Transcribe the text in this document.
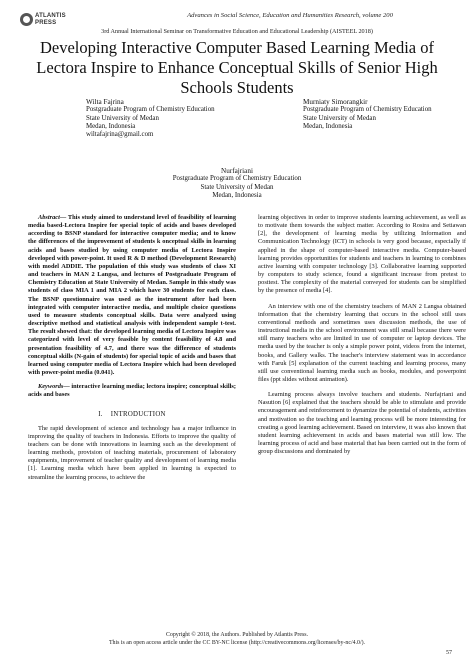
ATLANTIS
PRESS
Advances in Social Science, Education and Humanities Research, volume 200
3rd Annual International Seminar on Transformative Education and Educational Leadership (AISTEEL 2018)
Developing Interactive Computer Based Learning Media of Lectora Inspire to Enhance Conceptual Skills of Senior High Schools Students
Wilta Fajrina
Postgraduate Program of Chemistry Education
State University of Medan
Medan, Indonesia
wiltafajrina@gmail.com
Murniaty Simorangkir
Postgraduate Program of Chemistry Education
State University of Medan
Medan, Indonesia
Nurfajriani
Postgraduate Program of Chemistry Education
State University of Medan
Medan, Indonesia

Abstract— This study aimed to understand level of feasibility of learning media based-Lectora Inspire for special topic of acids and bases developed according to BSNP standard for interactive computer media; and to know the differences of the improvement of students k onceptual skills in learning acids and bases studied by using computer media of Lectora Inspire developed with power-point. It used R & D method (Development Research) with model ADDIE. The population of this study was students of class XI and teachers in MAN 2 Langsa, and lectures of Postgraduate Program of Chemistry Education at State University of Medan. Sample in this study was students of class MIA 1 and MIA 2 which have 30 students for each class. The BSNP questionnaire was used as the instrument after had been integrated with computer interactive media, and multiple choice questions used to measure students conceptual skills. Data were analyzed using descriptive method and statistical analysis with independent sample t-test. The result showed that: the developed learning media of Lectora Inspire was categorized with level of very feasible by content feasibility of 4.8 and presentation feasibility of 4.7, and there was the difference of students conceptual skills (N-gain of students) for special topic of acids and bases that learned using computer media of Lectora Inspire which had been developed with power-point media (0.041).

Keywords— interactive learning media; lectora inspire; conceptual skills; acids and bases

I.    INTRODUCTION

The rapid development of science and technology has a major influence in improving the quality of teachers in Indonesia. Efforts to improve the quality of teachers can be done with innovations in learning such as the development of learning methods, provision of teaching materials, procurement of laboratory equipments, improvement of teacher quality and development of learning media [1]. Learning media which have been applied in learning is expected to streamline the learning process, to achieve the

learning objectives in order to improve students learning achievement, as well as to motivate them towards the subject matter. According to Rosira and Setiawan [2], the development of learning media by utilizing Information and Communication Technology (ICT) in schools is very good because, especially if applied in the shape of computer-based interactive media. Computer-based learning provides opportunities for students and teachers in learning to combines active learning with computer technology [3]. Collaborative learning supported by computers to study science, found a significant increase from pretest to posttest. The complexity of the material conveyed for students can be simplified by the presence of media [4].

An interview with one of the chemistry teachers of MAN 2 Langsa obtained information that the chemistry learning that occurs in the school still uses conventional methods and sometimes uses discussion methods, the use of instructional media in the school environment was still small because there were still many teachers who are limited in use of computer or laptop devices. The media used by the teacher is only a simple power point, videos from the internet, books, and Gallery walks. The teacher's interview statement was in accordance with Faruk [5] explanation of the current teaching and learning process, many still use conventional learning media such as books, modules, and powerpoint files (ppt slides without animation).

Learning process always involve teachers and students. Nurfajriani and Nasution [6] explained that the teachers should be able to stimulate and provide encouragement and reinforcement to dynamize the potential of students, activities and motivation so the teaching and learning process will be more interesting for creating a good learning achievement. Based on interview, it was also known that student learning achievement in acids and bases material was still low. The learning process of acid and base material that has been carried out in the form of group discussions and dominated by

Copyright © 2018, the Authors. Published by Atlantis Press.
This is an open access article under the CC BY-NC license (http://creativecommons.org/licenses/by-nc/4.0/).
57
